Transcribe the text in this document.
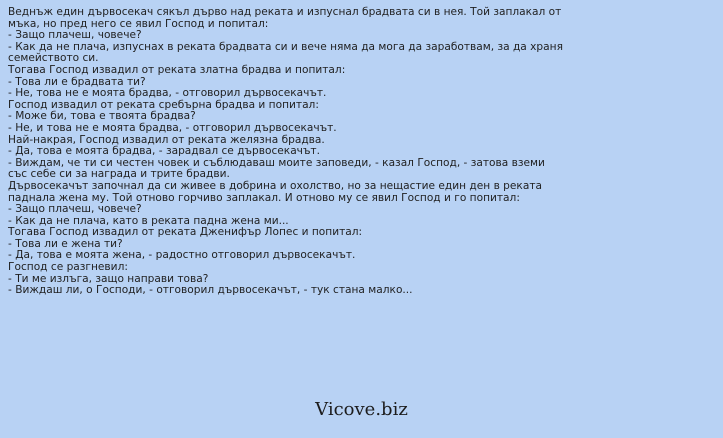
Веднъж един дървосекач сякъл дърво над реката и изпуснал брадвата си в нея. Той заплакал от
мъка, но пред него се явил Господ и попитал:
- Защо плачеш, човече?
- Как да не плача, изпуснах в реката брадвата си и вече няма да мога да заработвам, за да храня
семейството си.
Тогава Господ извадил от реката златна брадва и попитал:
- Това ли е брадвата ти?
- Не, това не е моята брадва, - отговорил дървосекачът.
Господ извадил от реката сребърна брадва и попитал:
- Може би, това е твоята брадва?
- Не, и това не е моята брадва, - отговорил дървосекачът.
Най-накрая, Господ извадил от реката желязна брадва.
- Да, това е моята брадва, - зарадвал се дървосекачът.
- Виждам, че ти си честен човек и съблюдаваш моите заповеди, - казал Господ, - затова вземи
със себе си за награда и трите брадви.
Дървосекачът започнал да си живее в добрина и охолство, но за нещастие един ден в реката
паднала жена му. Той отново горчиво заплакал. И отново му се явил Господ и го попитал:
- Защо плачеш, човече?
- Как да не плача, като в реката падна жена ми...
Тогава Господ извадил от реката Дженифър Лопес и попитал:
- Това ли е жена ти?
- Да, това е моята жена, - радостно отговорил дървосекачът.
Господ се разгневил:
- Ти ме излъга, защо направи това?
- Виждаш ли, о Господи, - отговорил дървосекачът, - тук стана малко...
Vicove.biz
